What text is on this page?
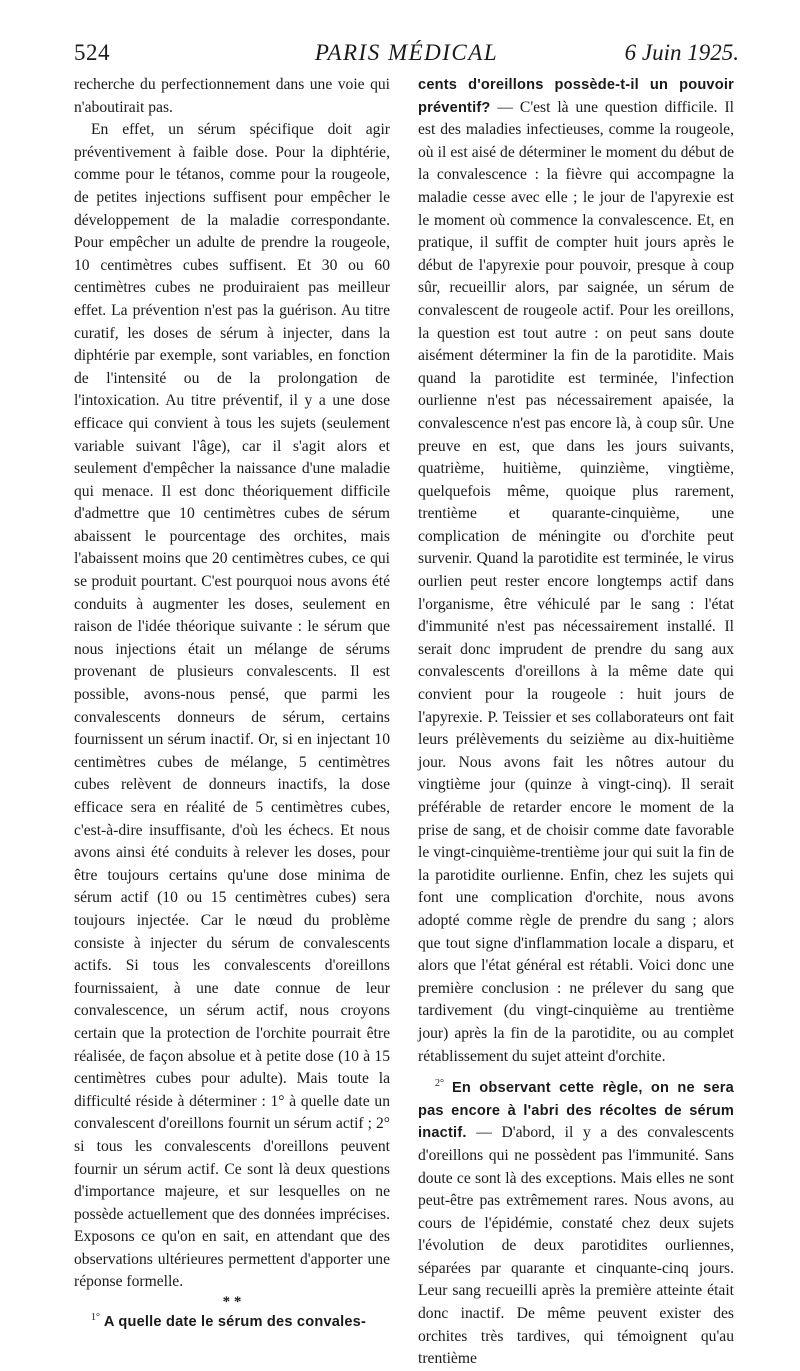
524	PARIS MÉDICAL	6 Juin 1925.

recherche du perfectionnement dans une voie qui n'aboutirait pas.

En effet, un sérum spécifique doit agir préventivement à faible dose. Pour la diphtérie, comme pour le tétanos, comme pour la rougeole, de petites injections suffisent pour empêcher le développement de la maladie correspondante. Pour empêcher un adulte de prendre la rougeole, 10 centimètres cubes suffisent. Et 30 ou 60 centimètres cubes ne produiraient pas meilleur effet. La prévention n'est pas la guérison. Au titre curatif, les doses de sérum à injecter, dans la diphtérie par exemple, sont variables, en fonction de l'intensité ou de la prolongation de l'intoxication. Au titre préventif, il y a une dose efficace qui convient à tous les sujets (seulement variable suivant l'âge), car il s'agit alors et seulement d'empêcher la naissance d'une maladie qui menace. Il est donc théoriquement difficile d'admettre que 10 centimètres cubes de sérum abaissent le pourcentage des orchites, mais l'abaissent moins que 20 centimètres cubes, ce qui se produit pourtant. C'est pourquoi nous avons été conduits à augmenter les doses, seulement en raison de l'idée théorique suivante : le sérum que nous injections était un mélange de sérums provenant de plusieurs convalescents. Il est possible, avons-nous pensé, que parmi les convalescents donneurs de sérum, certains fournissent un sérum inactif. Or, si en injectant 10 centimètres cubes de mélange, 5 centimètres cubes relèvent de donneurs inactifs, la dose efficace sera en réalité de 5 centimètres cubes, c'est-à-dire insuffisante, d'où les échecs. Et nous avons ainsi été conduits à relever les doses, pour être toujours certains qu'une dose minima de sérum actif (10 ou 15 centimètres cubes) sera toujours injectée. Car le nœud du problème consiste à injecter du sérum de convalescents actifs. Si tous les convalescents d'oreillons fournissaient, à une date connue de leur convalescence, un sérum actif, nous croyons certain que la protection de l'orchite pourrait être réalisée, de façon absolue et à petite dose (10 à 15 centimètres cubes pour adulte). Mais toute la difficulté réside à déterminer : 1° à quelle date un convalescent d'oreillons fournit un sérum actif ; 2° si tous les convalescents d'oreillons peuvent fournir un sérum actif. Ce sont là deux questions d'importance majeure, et sur lesquelles on ne possède actuellement que des données imprécises. Exposons ce qu'on en sait, en attendant que des observations ultérieures permettent d'apporter une réponse formelle.

* *

$^{1^\circ}$ A quelle date le sérum des convales-

cents d'oreillons possède-t-il un pouvoir préventif? — C'est là une question difficile. Il est des maladies infectieuses, comme la rougeole, où il est aisé de déterminer le moment du début de la convalescence : la fièvre qui accompagne la maladie cesse avec elle ; le jour de l'apyrexie est le moment où commence la convalescence. Et, en pratique, il suffit de compter huit jours après le début de l'apyrexie pour pouvoir, presque à coup sûr, recueillir alors, par saignée, un sérum de convalescent de rougeole actif. Pour les oreillons, la question est tout autre : on peut sans doute aisément déterminer la fin de la parotidite. Mais quand la parotidite est terminée, l'infection ourlienne n'est pas nécessairement apaisée, la convalescence n'est pas encore là, à coup sûr. Une preuve en est, que dans les jours suivants, quatrième, huitième, quinzième, vingtième, quelquefois même, quoique plus rarement, trentième et quarante-cinquième, une complication de méningite ou d'orchite peut survenir. Quand la parotidite est terminée, le virus ourlien peut rester encore longtemps actif dans l'organisme, être véhiculé par le sang : l'état d'immunité n'est pas nécessairement installé. Il serait donc imprudent de prendre du sang aux convalescents d'oreillons à la même date qui convient pour la rougeole : huit jours de l'apyrexie. P. Teissier et ses collaborateurs ont fait leurs prélèvements du seizième au dix-huitième jour. Nous avons fait les nôtres autour du vingtième jour (quinze à vingt-cinq). Il serait préférable de retarder encore le moment de la prise de sang, et de choisir comme date favorable le vingt-cinquième-trentième jour qui suit la fin de la parotidite ourlienne. Enfin, chez les sujets qui font une complication d'orchite, nous avons adopté comme règle de prendre du sang ; alors que tout signe d'inflammation locale a disparu, et alors que l'état général est rétabli. Voici donc une première conclusion : ne prélever du sang que tardivement (du vingt-cinquième au trentième jour) après la fin de la parotidite, ou au complet rétablissement du sujet atteint d'orchite.

$^{2^\circ}$ En observant cette règle, on ne sera pas encore à l'abri des récoltes de sérum inactif. — D'abord, il y a des convalescents d'oreillons qui ne possèdent pas l'immunité. Sans doute ce sont là des exceptions. Mais elles ne sont peut-être pas extrêmement rares. Nous avons, au cours de l'épidémie, constaté chez deux sujets l'évolution de deux parotidites ourliennes, séparées par quarante et cinquante-cinq jours. Leur sang recueilli après la première atteinte était donc inactif. De même peuvent exister des orchites très tardives, qui témoignent qu'au trentième
